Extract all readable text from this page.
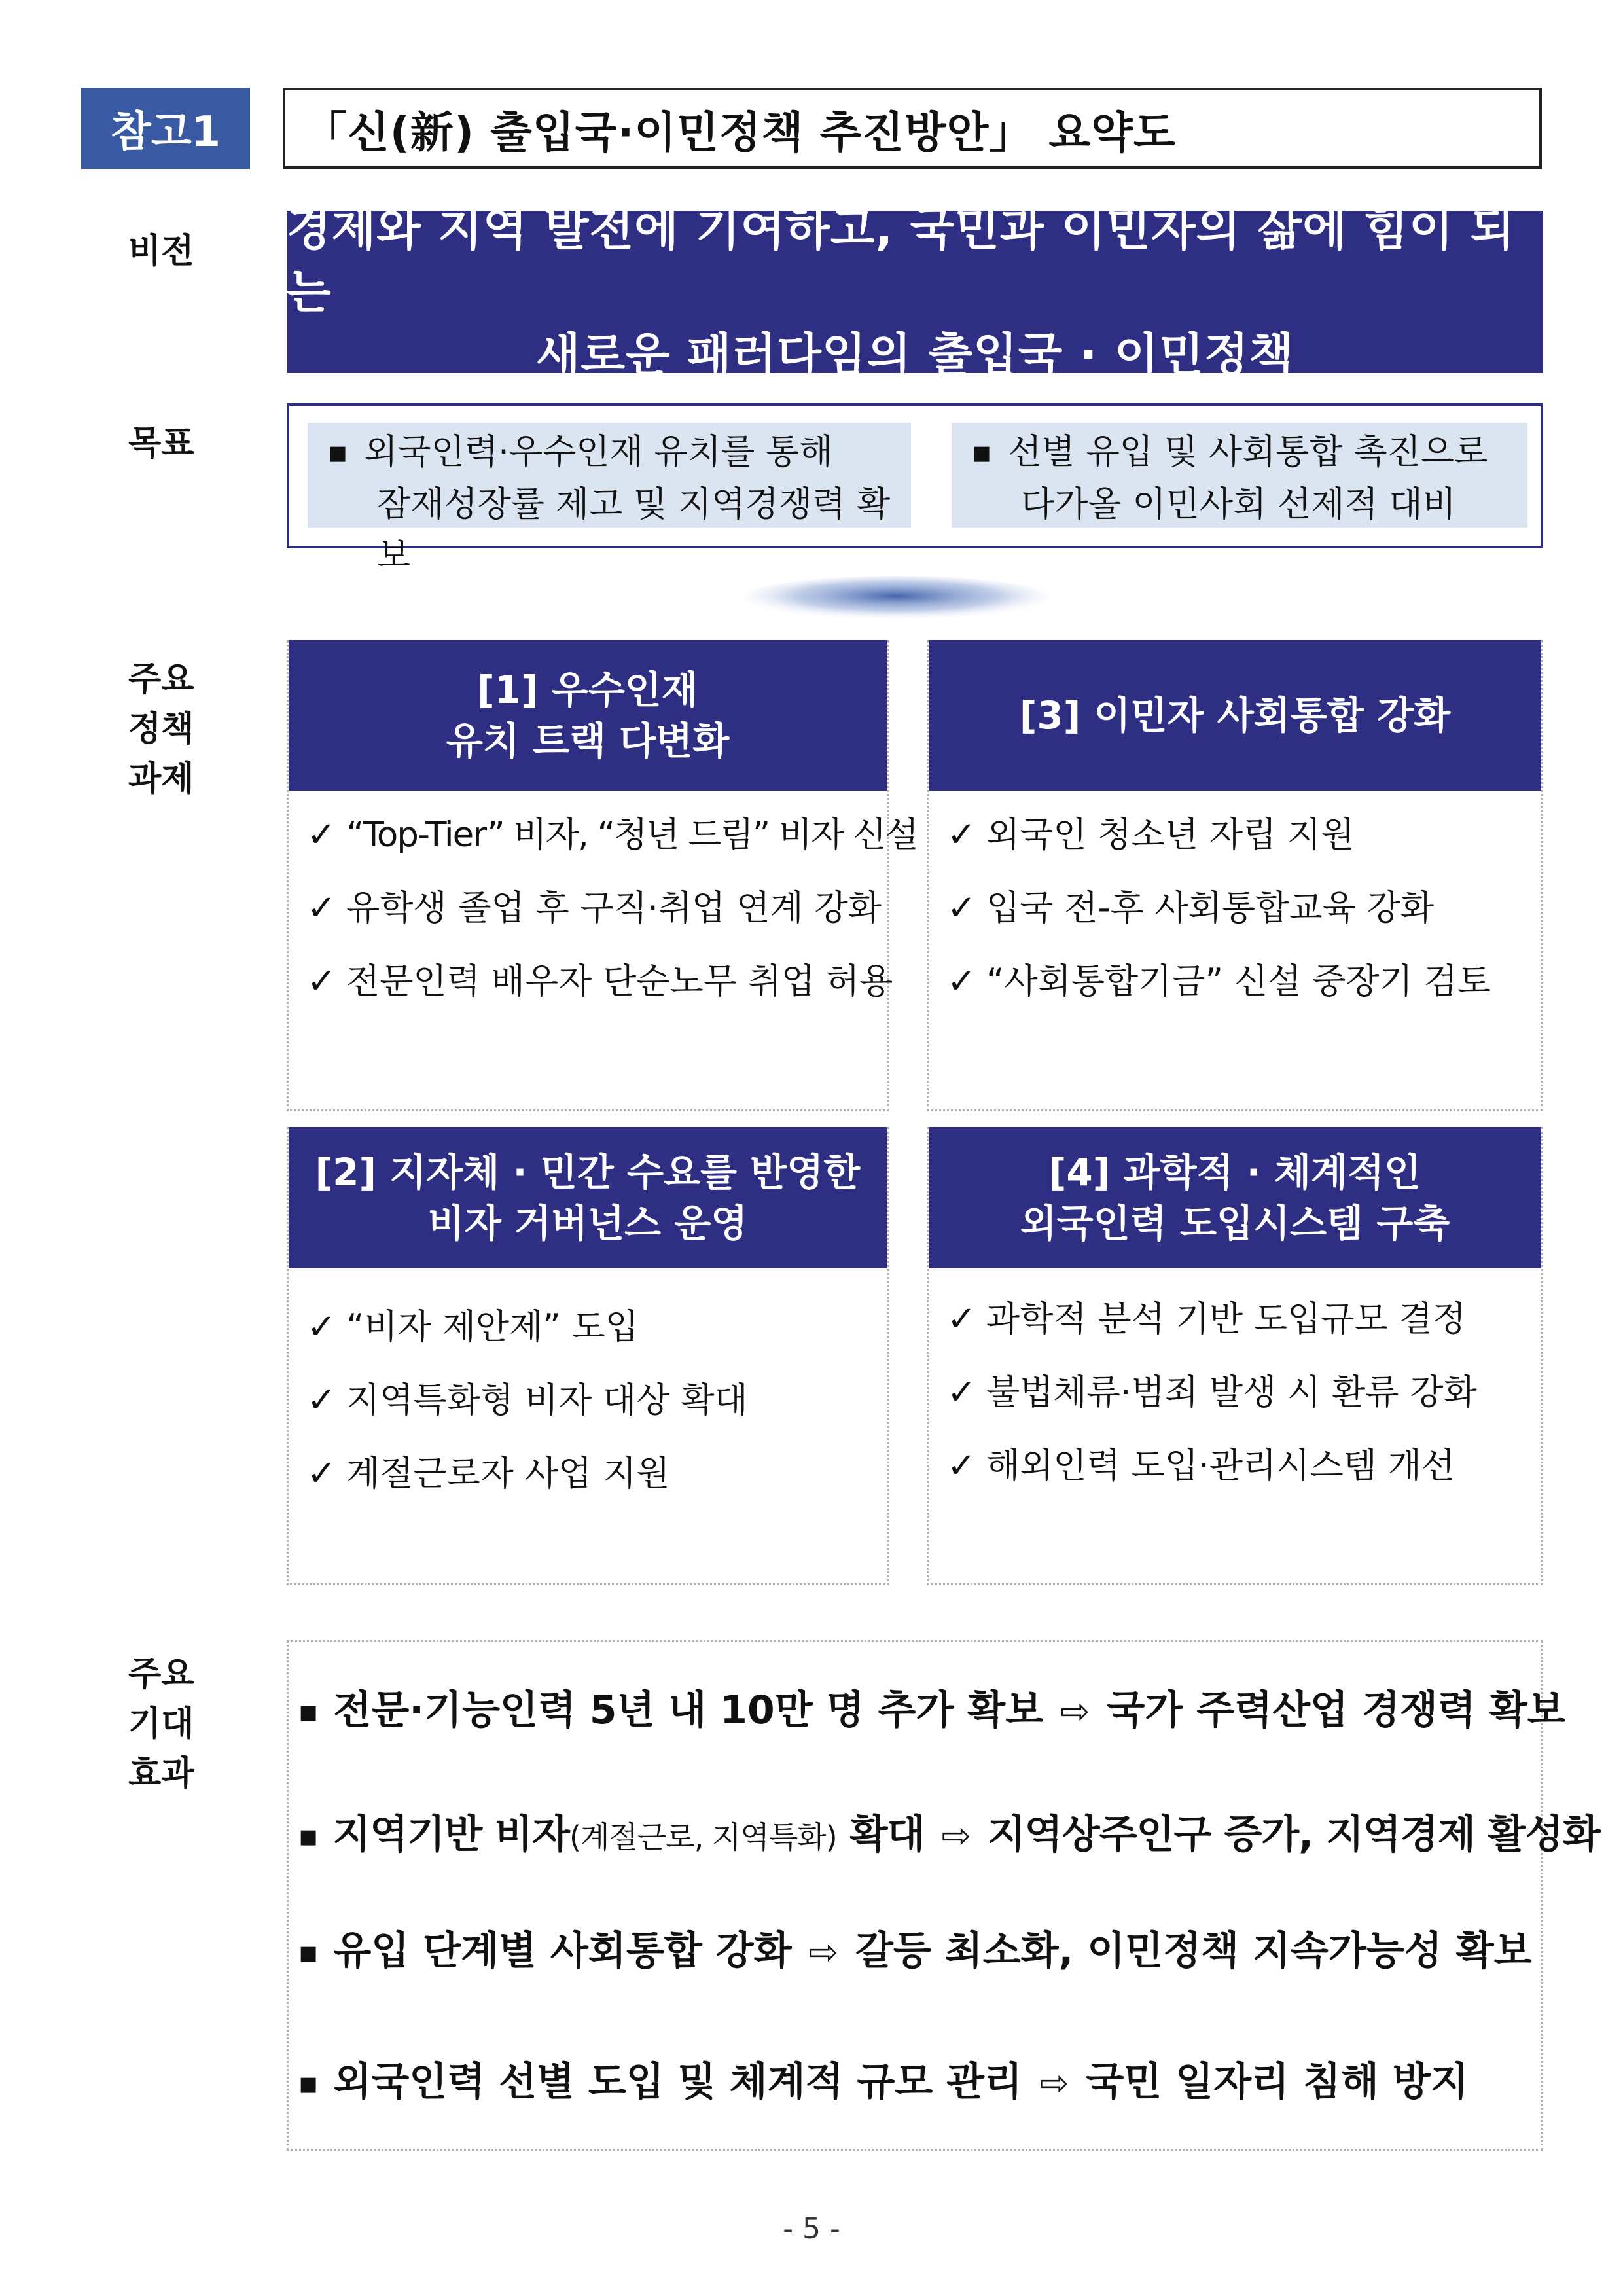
참고1	「신(新) 출입국·이민정책 추진방안」 요약도
비전	경제와 지역 발전에 기여하고, 국민과 이민자의 삶에 힘이 되는
새로운 패러다임의 출입국 · 이민정책
목표	■ 외국인력·우수인재 유치를 통해
잠재성장률 제고 및 지역경쟁력 확보
■ 선별 유입 및 사회통합 촉진으로
다가올 이민사회 선제적 대비
주요
정책
과제
[1] 우수인재
유치 트랙 다변화
✓ “Top-Tier” 비자, “청년 드림” 비자 신설
✓ 유학생 졸업 후 구직·취업 연계 강화
✓ 전문인력 배우자 단순노무 취업 허용
[3] 이민자 사회통합 강화
✓ 외국인 청소년 자립 지원
✓ 입국 전-후 사회통합교육 강화
✓ “사회통합기금” 신설 중장기 검토
[2] 지자체 · 민간 수요를 반영한
비자 거버넌스 운영
✓ “비자 제안제” 도입
✓ 지역특화형 비자 대상 확대
✓ 계절근로자 사업 지원
[4] 과학적 · 체계적인
외국인력 도입시스템 구축
✓ 과학적 분석 기반 도입규모 결정
✓ 불법체류·범죄 발생 시 환류 강화
✓ 해외인력 도입·관리시스템 개선
주요
기대
효과
■ 전문·기능인력 5년 내 10만 명 추가 확보 ⇨ 국가 주력산업 경쟁력 확보
■ 지역기반 비자(계절근로, 지역특화) 확대 ⇨ 지역상주인구 증가, 지역경제 활성화
■ 유입 단계별 사회통합 강화 ⇨ 갈등 최소화, 이민정책 지속가능성 확보
■ 외국인력 선별 도입 및 체계적 규모 관리 ⇨ 국민 일자리 침해 방지
- 5 -
